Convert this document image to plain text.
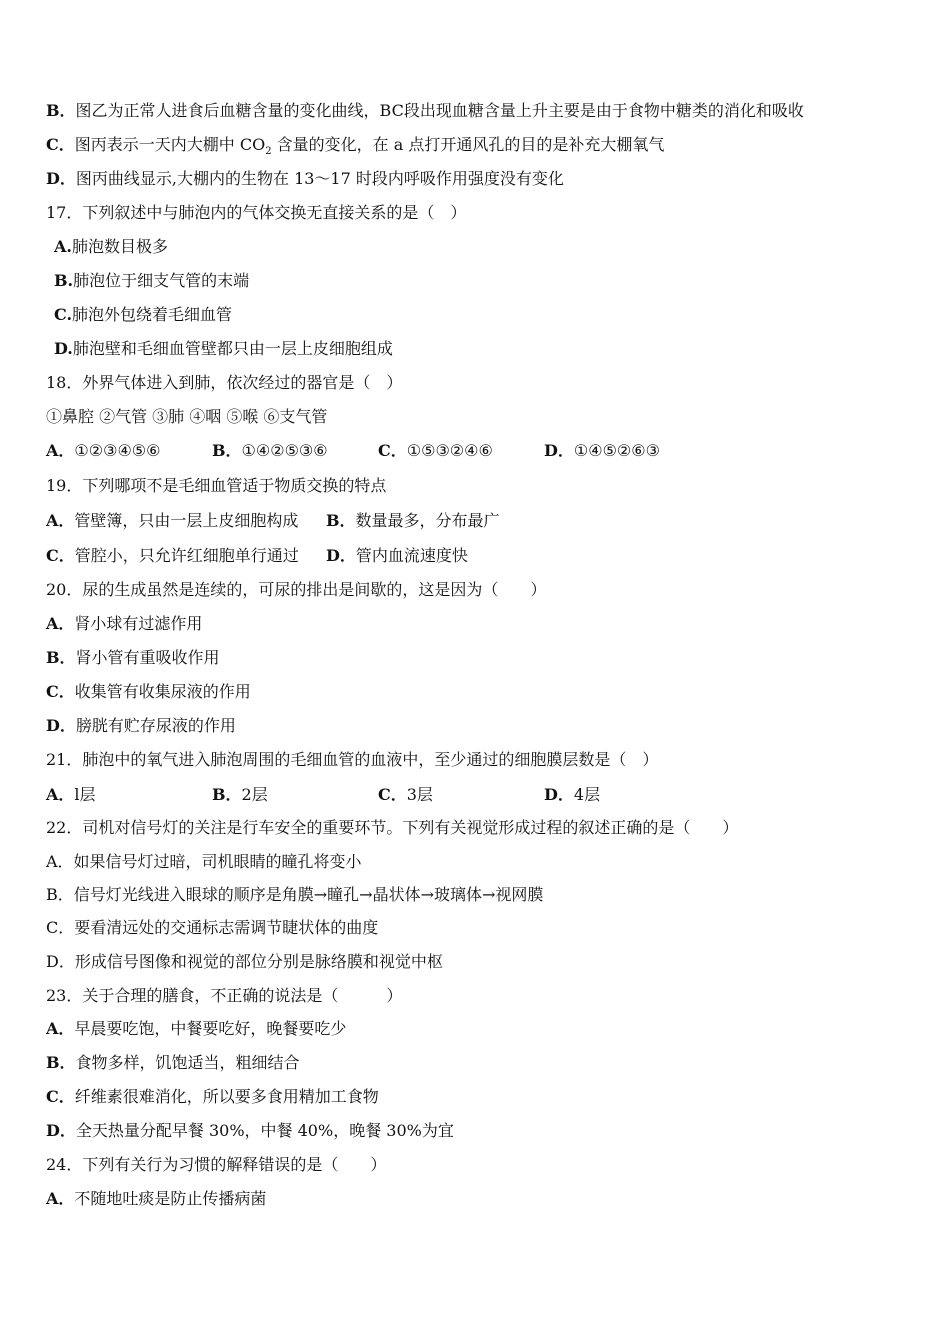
B．图乙为正常人进食后血糖含量的变化曲线，BC段出现血糖含量上升主要是由于食物中糖类的消化和吸收
C．图丙表示一天内大棚中 $CO_2$ 含量的变化，在 a 点打开通风孔的目的是补充大棚氧气
D．图丙曲线显示,大棚内的生物在 13～17 时段内呼吸作用强度没有变化
17．下列叙述中与肺泡内的气体交换无直接关系的是（　）
A.肺泡数目极多
B.肺泡位于细支气管的末端
C.肺泡外包绕着毛细血管
D.肺泡壁和毛细血管壁都只由一层上皮细胞组成
18．外界气体进入到肺，依次经过的器官是（　）
①鼻腔 ②气管 ③肺 ④咽 ⑤喉 ⑥支气管
A．①②③④⑤⑥	B．①④②⑤③⑥	C．①⑤③②④⑥	D．①④⑤②⑥③
19．下列哪项不是毛细血管适于物质交换的特点
A．管壁簿，只由一层上皮细胞构成 B．数量最多，分布最广
C．管腔小，只允许红细胞单行通过 D．管内血流速度快
20．尿的生成虽然是连续的，可尿的排出是间歇的，这是因为（　　）
A．肾小球有过滤作用
B．肾小管有重吸收作用
C．收集管有收集尿液的作用
D．膀胱有贮存尿液的作用
21．肺泡中的氧气进入肺泡周围的毛细血管的血液中，至少通过的细胞膜层数是（　）
A．l层	B．2层	C．3层	D．4层
22．司机对信号灯的关注是行车安全的重要环节。下列有关视觉形成过程的叙述正确的是（　　）
A．如果信号灯过暗，司机眼睛的瞳孔将变小
B．信号灯光线进入眼球的顺序是角膜→瞳孔→晶状体→玻璃体→视网膜
C．要看清远处的交通标志需调节睫状体的曲度
D．形成信号图像和视觉的部位分别是脉络膜和视觉中枢
23．关于合理的膳食，不正确的说法是（　　　）
A．早晨要吃饱，中餐要吃好，晚餐要吃少
B．食物多样，饥饱适当，粗细结合
C．纤维素很难消化，所以要多食用精加工食物
D．全天热量分配早餐 30%，中餐 40%，晚餐 30%为宜
24．下列有关行为习惯的解释错误的是（　　）
A．不随地吐痰是防止传播病菌
